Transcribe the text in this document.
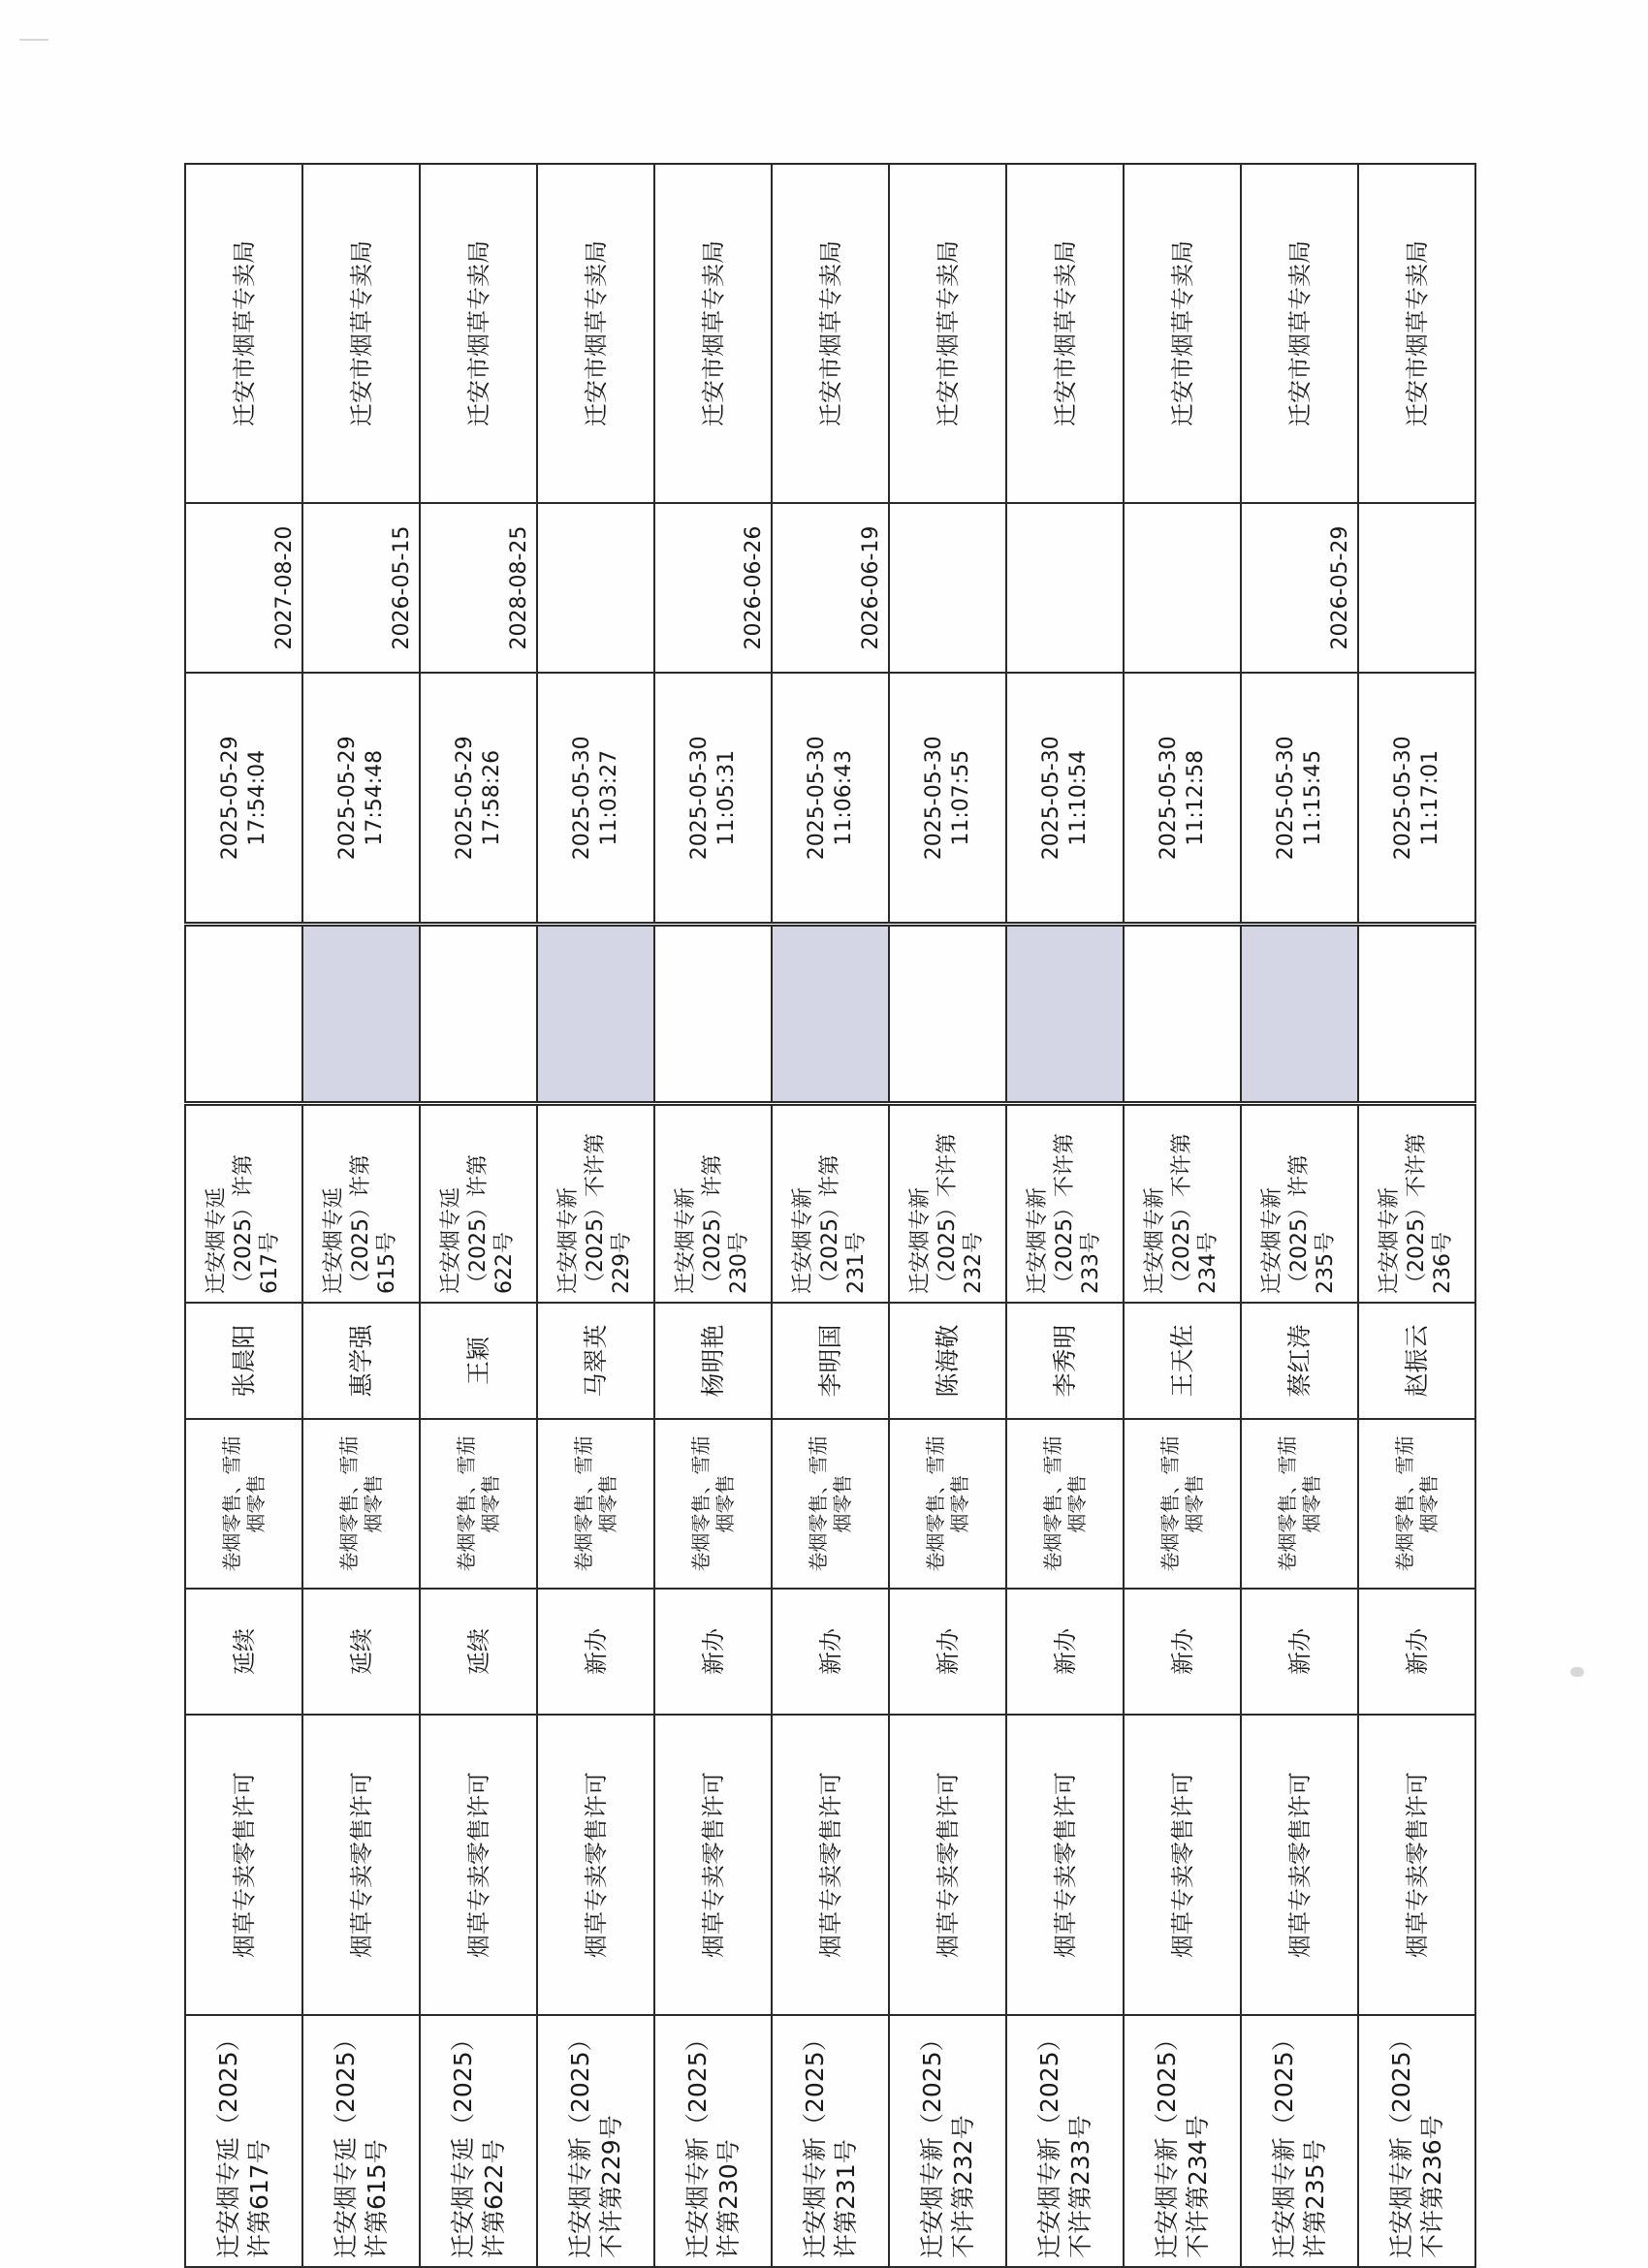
迁安烟专延（2025）许第617号	烟草专卖零售许可	延续	卷烟零售、雪茄烟零售	张晨阳	迁安烟专延（2025）许第617号		2025-05-29 17:54:04	2027-08-20	迁安市烟草专卖局
迁安烟专延（2025）许第615号	烟草专卖零售许可	延续	卷烟零售、雪茄烟零售	惠学强	迁安烟专延（2025）许第615号		2025-05-29 17:54:48	2026-05-15	迁安市烟草专卖局
迁安烟专延（2025）许第622号	烟草专卖零售许可	延续	卷烟零售、雪茄烟零售	王颖	迁安烟专延（2025）许第622号		2025-05-29 17:58:26	2028-08-25	迁安市烟草专卖局
迁安烟专新（2025）不许第229号	烟草专卖零售许可	新办	卷烟零售、雪茄烟零售	马翠英	迁安烟专新（2025）不许第229号		2025-05-30 11:03:27		迁安市烟草专卖局
迁安烟专新（2025）许第230号	烟草专卖零售许可	新办	卷烟零售、雪茄烟零售	杨明艳	迁安烟专新（2025）许第230号		2025-05-30 11:05:31	2026-06-26	迁安市烟草专卖局
迁安烟专新（2025）许第231号	烟草专卖零售许可	新办	卷烟零售、雪茄烟零售	李明国	迁安烟专新（2025）许第231号		2025-05-30 11:06:43	2026-06-19	迁安市烟草专卖局
迁安烟专新（2025）不许第232号	烟草专卖零售许可	新办	卷烟零售、雪茄烟零售	陈海敬	迁安烟专新（2025）不许第232号		2025-05-30 11:07:55		迁安市烟草专卖局
迁安烟专新（2025）不许第233号	烟草专卖零售许可	新办	卷烟零售、雪茄烟零售	李秀明	迁安烟专新（2025）不许第233号		2025-05-30 11:10:54		迁安市烟草专卖局
迁安烟专新（2025）不许第234号	烟草专卖零售许可	新办	卷烟零售、雪茄烟零售	王天佐	迁安烟专新（2025）不许第234号		2025-05-30 11:12:58		迁安市烟草专卖局
迁安烟专新（2025）许第235号	烟草专卖零售许可	新办	卷烟零售、雪茄烟零售	蔡红涛	迁安烟专新（2025）许第235号		2025-05-30 11:15:45	2026-05-29	迁安市烟草专卖局
迁安烟专新（2025）不许第236号	烟草专卖零售许可	新办	卷烟零售、雪茄烟零售	赵振云	迁安烟专新（2025）不许第236号		2025-05-30 11:17:01		迁安市烟草专卖局
